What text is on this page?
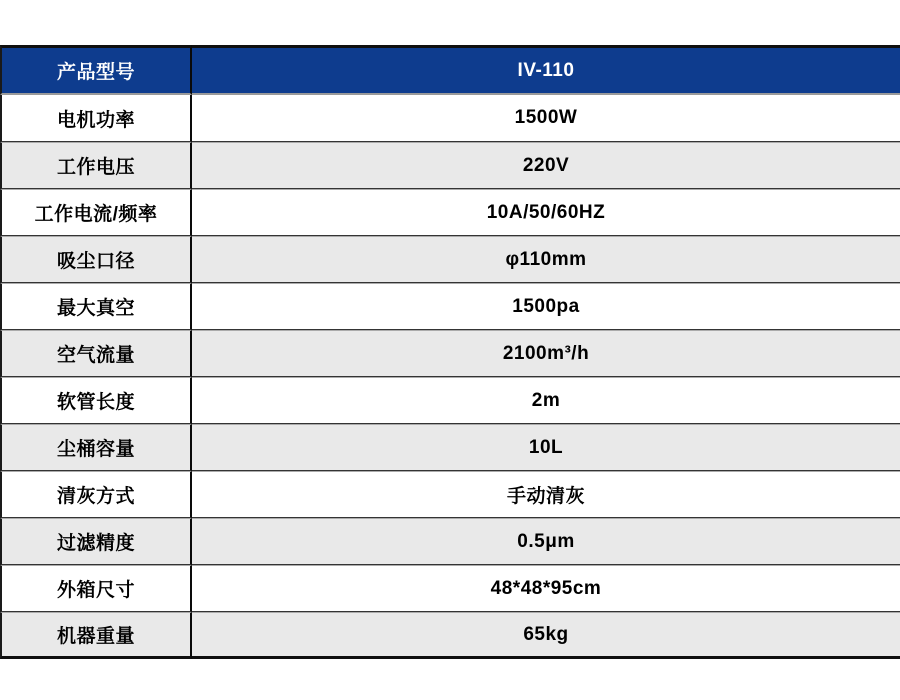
产品型号	IV-110
电机功率	1500W
工作电压	220V
工作电流/频率	10A/50/60HZ
吸尘口径	φ110mm
最大真空	1500pa
空气流量	2100m³/h
软管长度	2m
尘桶容量	10L
清灰方式	手动清灰
过滤精度	0.5μm
外箱尺寸	48*48*95cm
机器重量	65kg
